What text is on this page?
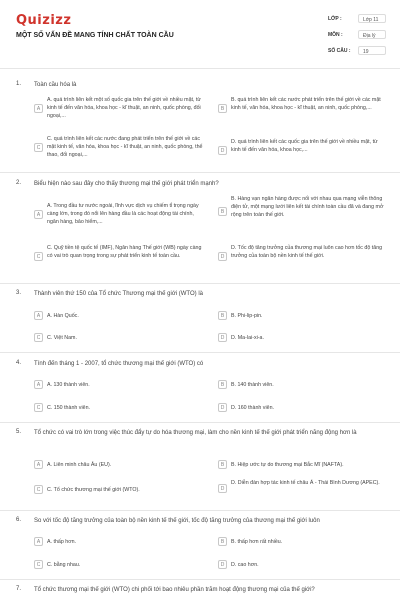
Quizizz
MỘT SỐ VẤN ĐỀ MANG TÍNH CHẤT TOÀN CẦU
LỚP :	Lớp 11
MÔN :	Địa lý
SỐ CÂU :	19
1. Toàn cầu hóa là
A
A. quá trình liên kết một số quốc gia trên thế giới về nhiều mặt, từ kinh tế đến văn hóa, khoa học - kĩ thuật, an ninh, quốc phòng, đối ngoại,...
B
B. quá trình liên kết các nước phát triển trên thế giới về các mặt kinh tế, văn hóa, khoa học - kĩ thuật, an ninh, quốc phòng,...
C
C. quá trình liên kết các nước đang phát triển trên thế giới về các mặt kinh tế, văn hóa, khoa học - kĩ thuật, an ninh, quốc phòng, thể thao, đối ngoại,...
D
D. quá trình liên kết các quốc gia trên thế giới về nhiều mặt, từ kinh tế đến văn hóa, khoa học,...
2. Biểu hiện nào sau đây cho thấy thương mại thế giới phát triển mạnh?
A
A. Trong đầu tư nước ngoài, lĩnh vực dịch vụ chiếm tỉ trọng ngày càng lớn, trong đó nổi lên hàng đầu là các hoạt động tài chính, ngân hàng, bảo hiểm,...
B
B. Hàng vạn ngân hàng được nối với nhau qua mạng viễn thông điện tử, một mạng lưới liên kết tài chính toàn cầu đã và đang mở rộng trên toàn thế giới.
C
C. Quỹ tiền tệ quốc tế (IMF), Ngân hàng Thế giới (WB) ngày càng có vai trò quan trọng trong sự phát triển kinh tế toàn cầu.	D
D. Tốc độ tăng trưởng của thương mại luôn cao hơn tốc độ tăng trưởng của toàn bộ nền kinh tế thế giới.
3. Thành viên thứ 150 của Tổ chức Thương mại thế giới (WTO) là
A	A. Hàn Quốc.	B	B. Phi-lip-pin.
C	C. Việt Nam.	D	D. Ma-lai-xi-a.
4. Tính đến tháng 1 - 2007, tổ chức thương mại thế giới (WTO) có
A	A. 130 thành viên.	B	B. 140 thành viên.
C	C. 150 thành viên.	D	D. 160 thành viên.
5. Tổ chức có vai trò lớn trong việc thúc đẩy tự do hóa thương mại, làm cho nền kinh tế thế giới phát triển năng động hơn là
A	A. Liên minh châu Âu (EU).	B	B. Hiệp ước tự do thương mại Bắc Mĩ (NAFTA).
C	C. Tổ chức thương mại thế giới (WTO).	D
D. Diễn đàn hợp tác kinh tế châu Á - Thái Bình Dương (APEC).
6. So với tốc độ tăng trưởng của toàn bộ nền kinh tế thế giới, tốc độ tăng trưởng của thương mại thế giới luôn
A	A. thấp hơn.	B	B. thấp hơn rất nhiều.
C	C. bằng nhau.	D	D. cao hơn.
7. Tổ chức thương mại thế giới (WTO) chi phối tới bao nhiêu phần trăm hoạt động thương mại của thế giới?
